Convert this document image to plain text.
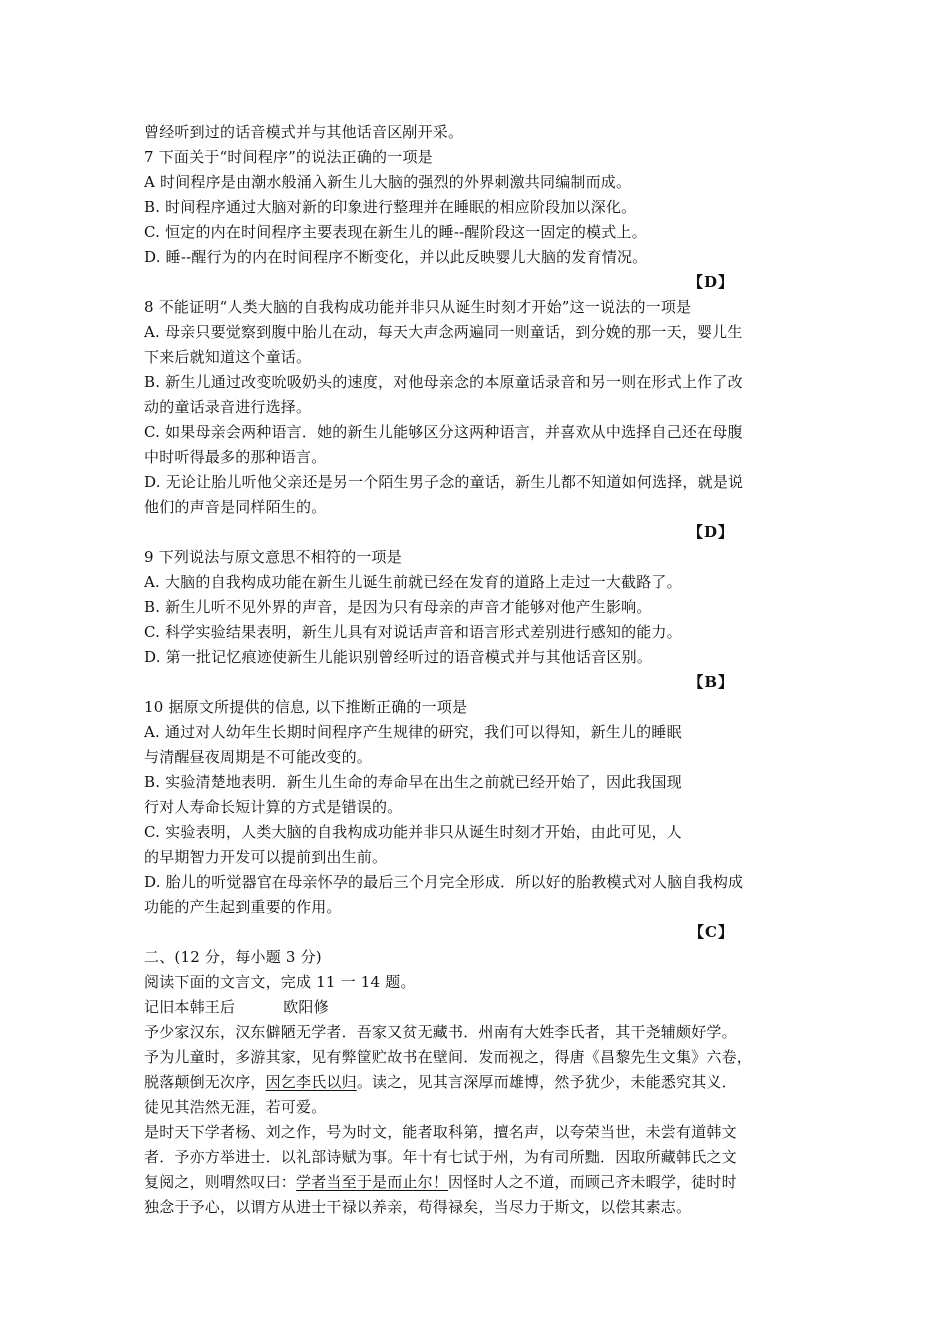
曾经听到过的话音模式并与其他话音区剐开采。
7 下面关于“时间程序”的说法正确的一项是
A 时间程序是由潮水般涌入新生儿大脑的强烈的外界刺激共同编制而成。
B. 时间程序通过大脑对新的印象进行整理并在睡眠的相应阶段加以深化。
C. 恒定的内在时间程序主要表现在新生儿的睡--醒阶段这一固定的模式上。
D. 睡--醒行为的内在时间程序不断变化，并以此反映婴儿大脑的发育情况。
【D】
8 不能证明“人类大脑的自我构成功能并非只从诞生时刻才开始”这一说法的一项是
A. 母亲只要觉察到腹中胎儿在动，每天大声念两遍同一则童话，到分娩的那一天，婴儿生
下来后就知道这个童话。
B. 新生儿通过改变吮吸奶头的速度，对他母亲念的本原童话录音和另一则在形式上作了改
动的童话录音进行选择。
C. 如果母亲会两种语言．她的新生儿能够区分这两种语言，并喜欢从中选择自己还在母腹
中时听得最多的那种语言。
D. 无论让胎儿听他父亲还是另一个陌生男子念的童话，新生儿都不知道如何选择，就是说
他们的声音是同样陌生的。
【D】
9 下列说法与原文意思不相符的一项是
A. 大脑的自我构成功能在新生儿诞生前就已经在发育的道路上走过一大截路了。
B. 新生儿听不见外界的声音，是因为只有母亲的声音才能够对他产生影响。
C. 科学实验结果表明，新生儿具有对说话声音和语言形式差别进行感知的能力。
D. 第一批记忆痕迹使新生儿能识别曾经听过的语音模式并与其他话音区别。
【B】
10 据原文所提供的信息, 以下推断正确的一项是
A. 通过对人幼年生长期时间程序产生规律的研究，我们可以得知，新生儿的睡眠
与清醒昼夜周期是不可能改变的。
B. 实验清楚地表明．新生儿生命的寿命早在出生之前就已经开始了，因此我国现
行对人寿命长短计算的方式是错误的。
C. 实验表明，人类大脑的自我构成功能并非只从诞生时刻才开始，由此可见，人
的早期智力开发可以提前到出生前。
D. 胎儿的听觉器官在母亲怀孕的最后三个月完全形成．所以好的胎教模式对人脑自我构成
功能的产生起到重要的作用。
【C】
二、(12 分，每小题 3 分)
阅读下面的文言文，完成 11 一 14 题。
记旧本韩王后	欧阳修
予少家汉东，汉东僻陋无学者．吾家又贫无藏书．州南有大姓李氏者，其干尧辅颇好学。
予为儿童时，多游其家，见有弊筐贮故书在壁间．发而视之，得唐《昌黎先生文集》六卷，
脱落颠倒无次序，因乞李氏以归。读之，见其言深厚而雄博，然予犹少，未能悉究其义．
徒见其浩然无涯，若可爱。
是时天下学者杨、刘之作，号为时文，能者取科第，擅名声，以夸荣当世，未尝有道韩文
者．予亦方举进士．以礼部诗赋为事。年十有七试于州，为有司所黜．因取所藏韩氏之文
复阅之，则喟然叹曰：学者当至于是而止尔！因怪时人之不道，而顾己齐未暇学，徒时时
独念于予心，以谓方从进士干禄以养亲，苟得禄矣，当尽力于斯文，以偿其素志。
